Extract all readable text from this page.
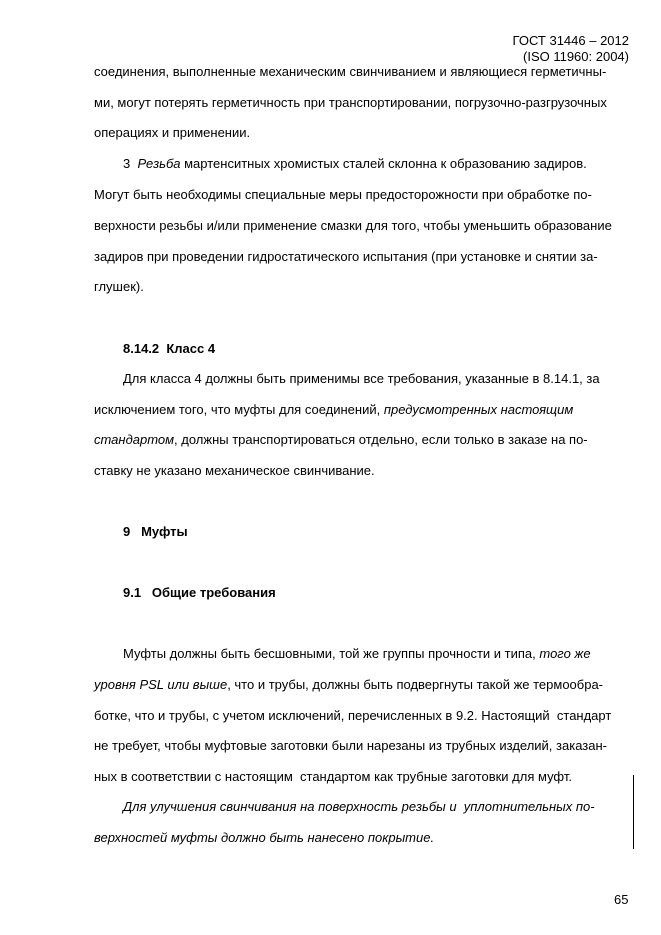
ГОСТ 31446 – 2012
(ISO 11960: 2004)
соединения, выполненные механическим свинчиванием и являющиеся герметичны-
ми, могут потерять герметичность при транспортировании, погрузочно-разгрузочных
операциях и применении.
3 Резьба мартенситных хромистых сталей склонна к образованию задиров.
Могут быть необходимы специальные меры предосторожности при обработке по-
верхности резьбы и/или применение смазки для того, чтобы уменьшить образование
задиров при проведении гидростатического испытания (при установке и снятии за-
глушек).
8.14.2  Класс 4
Для класса 4 должны быть применимы все требования, указанные в 8.14.1, за
исключением того, что муфты для соединений, предусмотренных настоящим
стандартом, должны транспортироваться отдельно, если только в заказе на по-
ставку не указано механическое свинчивание.
9   Муфты
9.1   Общие требования
Муфты должны быть бесшовными, той же группы прочности и типа, того же
уровня PSL или выше, что и трубы, должны быть подвергнуты такой же термообра-
ботке, что и трубы, с учетом исключений, перечисленных в 9.2. Настоящий  стандарт
не требует, чтобы муфтовые заготовки были нарезаны из трубных изделий, заказан-
ных в соответствии с настоящим  стандартом как трубные заготовки для муфт.
Для улучшения свинчивания на поверхность резьбы и  уплотнительных по-
верхностей муфты должно быть нанесено покрытие.
65
